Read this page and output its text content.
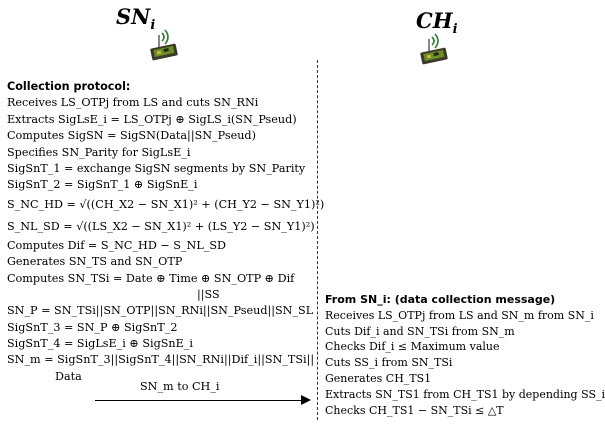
$SN_i$	$CH_i$
Collection protocol:
Receives LS_OTPj from LS and cuts SN_RNi
Extracts SigLsE_i = LS_OTPj ⊕ SigLS_i(SN_Pseud)
Computes SigSN = SigSN(Data||SN_Pseud)
Specifies SN_Parity for SigLsE_i
SigSnT_1 = exchange SigSN segments by SN_Parity
SigSnT_2 = SigSnT_1 ⊕ SigSnE_i
S_NC_HD = √((CH_X2 − SN_X1)² + (CH_Y2 − SN_Y1)²)
S_NL_SD = √((LS_X2 − SN_X1)² + (LS_Y2 − SN_Y1)²)
Computes Dif = S_NC_HD − S_NL_SD
Generates SN_TS and SN_OTP
Computes SN_TSi = Date ⊕ Time ⊕ SN_OTP ⊕ Dif
||SS
SN_P = SN_TSi||SN_OTP||SN_RNi||SN_Pseud||SN_SL
SigSnT_3 = SN_P ⊕ SigSnT_2
SigSnT_4 = SigLsE_i ⊕ SigSnE_i
SN_m = SigSnT_3||SigSnT_4||SN_RNi||Dif_i||SN_TSi||
Data
SN_m to CH_i
From SN_i: (data collection message)
Receives LS_OTPj from LS and SN_m from SN_i
Cuts Dif_i and SN_TSi from SN_m
Checks Dif_i ≤ Maximum value
Cuts SS_i from SN_TSi
Generates CH_TS1
Extracts SN_TS1 from CH_TS1 by depending SS_i
Checks CH_TS1 − SN_TSi ≤ △T
